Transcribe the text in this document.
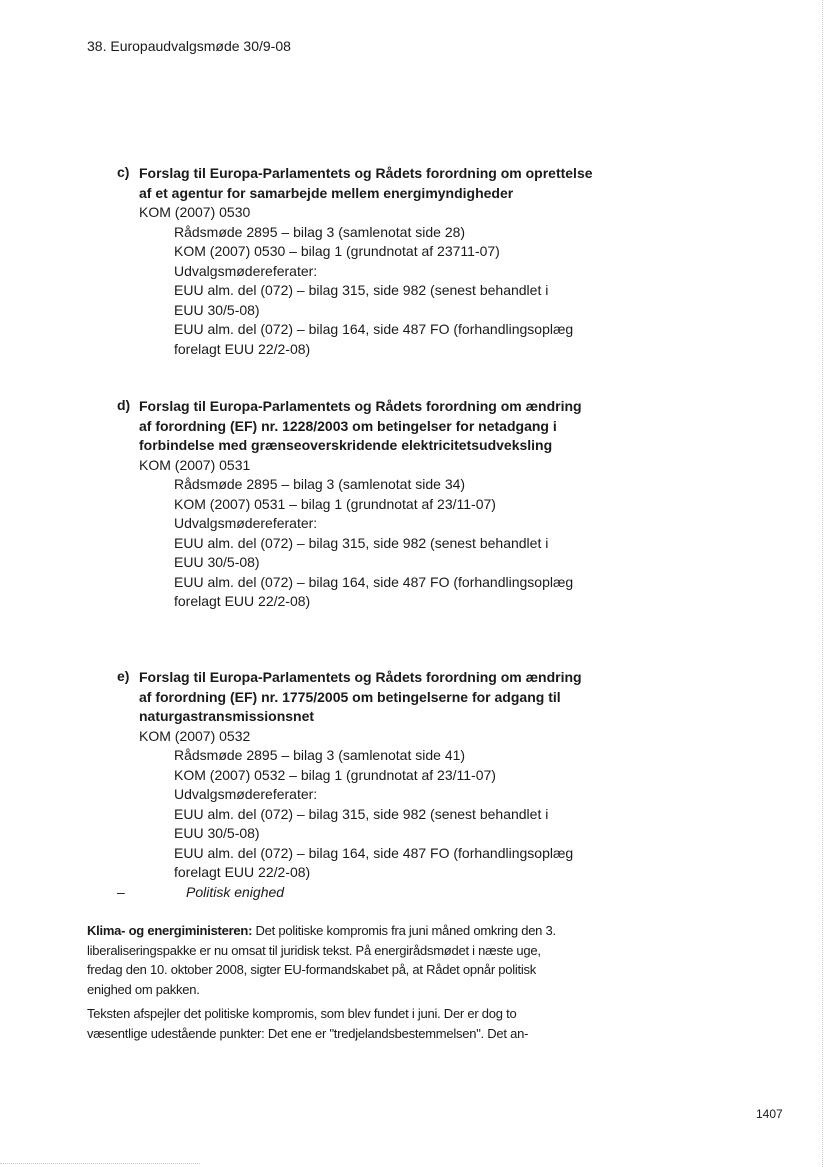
38. Europaudvalgsmøde 30/9-08
c) Forslag til Europa-Parlamentets og Rådets forordning om oprettelse af et agentur for samarbejde mellem energimyndigheder
KOM (2007) 0530
Rådsmøde 2895 – bilag 3 (samlenotat side 28)
KOM (2007) 0530 – bilag 1 (grundnotat af 23711-07)
Udvalgsmødereferater:
EUU alm. del (072) – bilag 315, side 982 (senest behandlet i
EUU 30/5-08)
EUU alm. del (072) – bilag 164, side 487 FO (forhandlingsoplæg
forelagt EUU 22/2-08)
d) Forslag til Europa-Parlamentets og Rådets forordning om ændring af forordning (EF) nr. 1228/2003 om betingelser for netadgang i forbindelse med grænseoverskridende elektricitetsudveksling
KOM (2007) 0531
Rådsmøde 2895 – bilag 3 (samlenotat side 34)
KOM (2007) 0531 – bilag 1 (grundnotat af 23/11-07)
Udvalgsmødereferater:
EUU alm. del (072) – bilag 315, side 982 (senest behandlet i
EUU 30/5-08)
EUU alm. del (072) – bilag 164, side 487 FO (forhandlingsoplæg
forelagt EUU 22/2-08)
e) Forslag til Europa-Parlamentets og Rådets forordning om ændring af forordning (EF) nr. 1775/2005 om betingelserne for adgang til naturgastransmissionsnet
KOM (2007) 0532
Rådsmøde 2895 – bilag 3 (samlenotat side 41)
KOM (2007) 0532 – bilag 1 (grundnotat af 23/11-07)
Udvalgsmødereferater:
EUU alm. del (072) – bilag 315, side 982 (senest behandlet i
EUU 30/5-08)
EUU alm. del (072) – bilag 164, side 487 FO (forhandlingsoplæg
forelagt EUU 22/2-08)
–	Politisk enighed
Klima- og energiministeren: Det politiske kompromis fra juni måned omkring den 3. liberaliseringspakke er nu omsat til juridisk tekst. På energirådsmødet i næste uge, fredag den 10. oktober 2008, sigter EU-formandskabet på, at Rådet opnår politisk enighed om pakken.
Teksten afspejler det politiske kompromis, som blev fundet i juni. Der er dog to væsentlige udestående punkter: Det ene er "tredjelandsbestemmelsen". Det an-
1407
